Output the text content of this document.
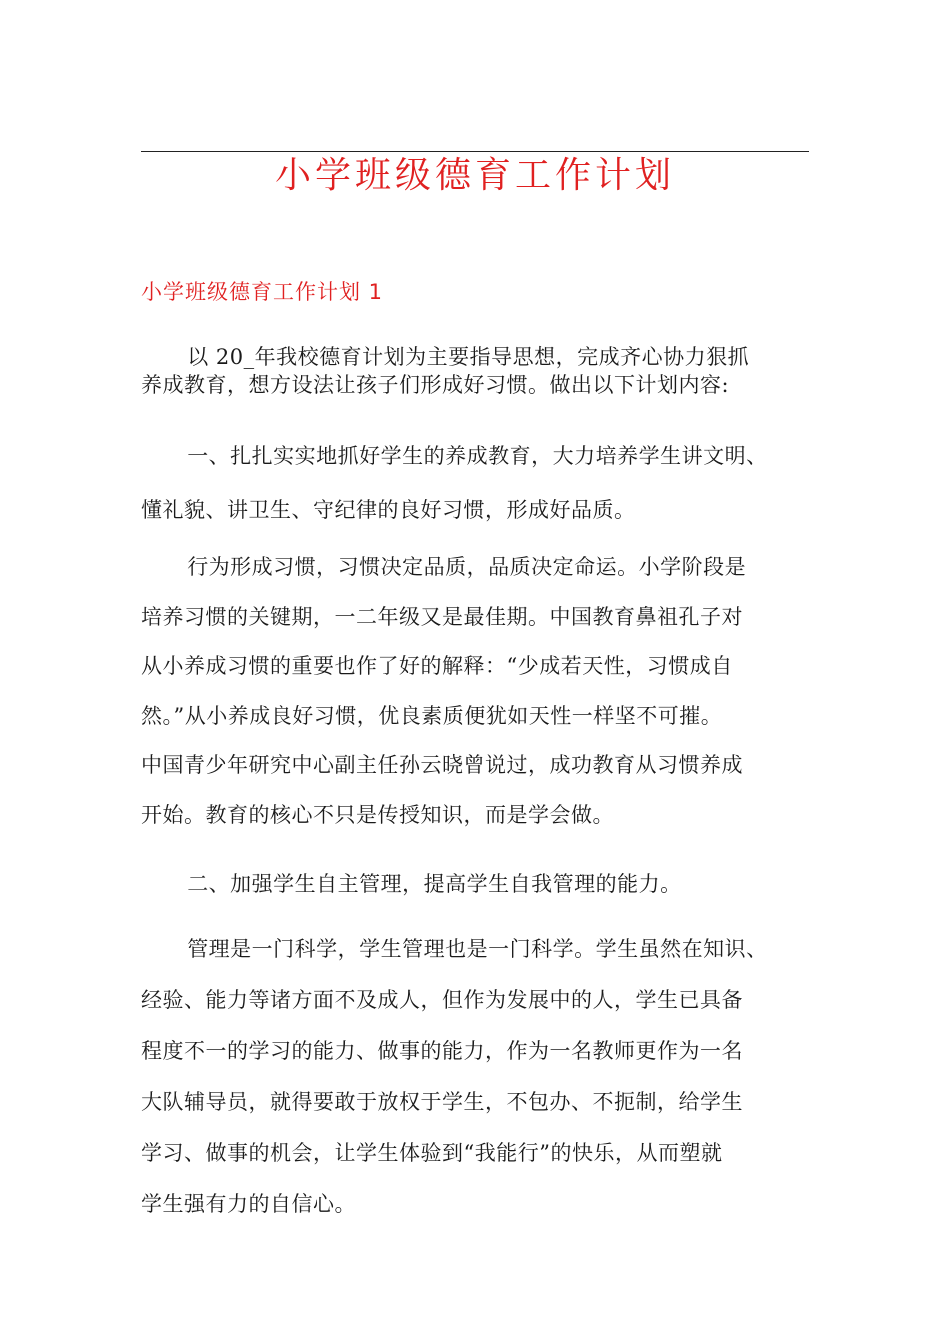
小学班级德育工作计划
小学班级德育工作计划 1

以 20_年我校德育计划为主要指导思想，完成齐心协力狠抓
养成教育，想方设法让孩子们形成好习惯。做出以下计划内容:

一、扎扎实实地抓好学生的养成教育，大力培养学生讲文明、
懂礼貌、讲卫生、守纪律的良好习惯，形成好品质。

行为形成习惯，习惯决定品质，品质决定命运。小学阶段是
培养习惯的关键期，一二年级又是最佳期。中国教育鼻祖孔子对
从小养成习惯的重要也作了好的解释：“少成若天性，习惯成自
然。”从小养成良好习惯，优良素质便犹如天性一样坚不可摧。
中国青少年研究中心副主任孙云晓曾说过，成功教育从习惯养成
开始。教育的核心不只是传授知识，而是学会做。

二、加强学生自主管理，提高学生自我管理的能力。

管理是一门科学，学生管理也是一门科学。学生虽然在知识、
经验、能力等诸方面不及成人，但作为发展中的人，学生已具备
程度不一的学习的能力、做事的能力，作为一名教师更作为一名
大队辅导员，就得要敢于放权于学生，不包办、不扼制，给学生
学习、做事的机会，让学生体验到“我能行”的快乐，从而塑就
学生强有力的自信心。
